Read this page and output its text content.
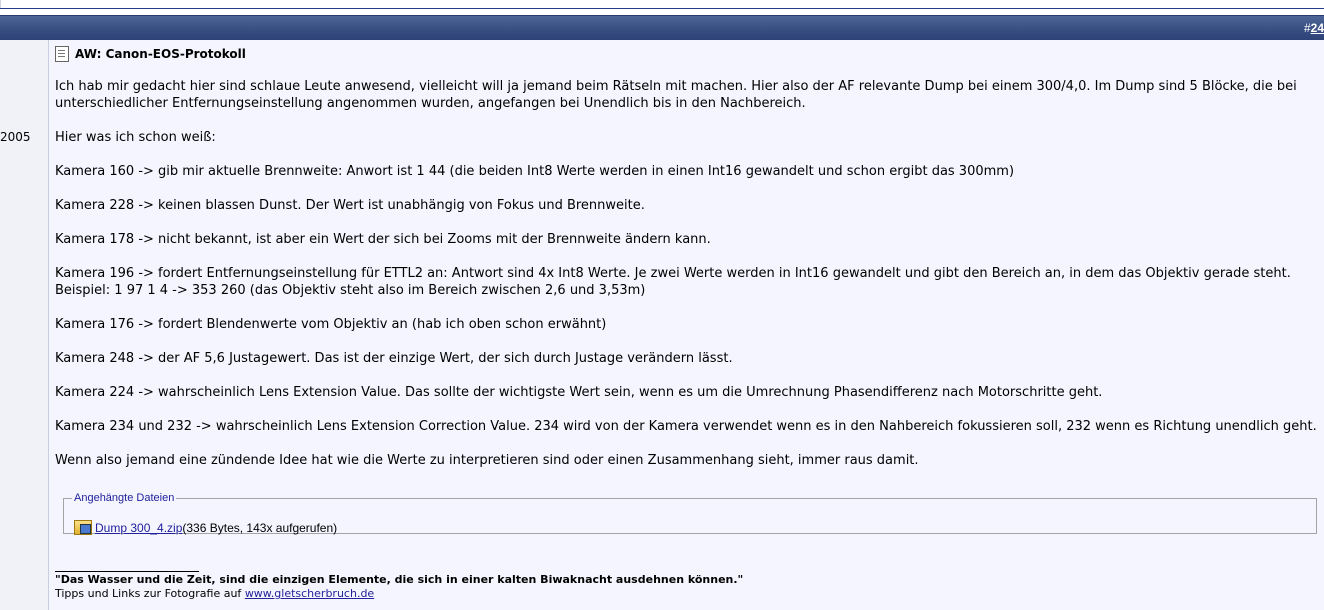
#24
2005
AW: Canon-EOS-Protokoll

Ich hab mir gedacht hier sind schlaue Leute anwesend, vielleicht will ja jemand beim Rätseln mit machen. Hier also der AF relevante Dump bei einem 300/4,0. Im Dump sind 5 Blöcke, die bei unterschiedlicher Entfernungseinstellung angenommen wurden, angefangen bei Unendlich bis in den Nachbereich.

Hier was ich schon weiß:

Kamera 160 -> gib mir aktuelle Brennweite: Anwort ist 1 44 (die beiden Int8 Werte werden in einen Int16 gewandelt und schon ergibt das 300mm)

Kamera 228 -> keinen blassen Dunst. Der Wert ist unabhängig von Fokus und Brennweite.

Kamera 178 -> nicht bekannt, ist aber ein Wert der sich bei Zooms mit der Brennweite ändern kann.

Kamera 196 -> fordert Entfernungseinstellung für ETTL2 an: Antwort sind 4x Int8 Werte. Je zwei Werte werden in Int16 gewandelt und gibt den Bereich an, in dem das Objektiv gerade steht.

Beispiel: 1 97 1 4 -> 353 260 (das Objektiv steht also im Bereich zwischen 2,6 und 3,53m)

Kamera 176 -> fordert Blendenwerte vom Objektiv an (hab ich oben schon erwähnt)

Kamera 248 -> der AF 5,6 Justagewert. Das ist der einzige Wert, der sich durch Justage verändern lässt.

Kamera 224 -> wahrscheinlich Lens Extension Value. Das sollte der wichtigste Wert sein, wenn es um die Umrechnung Phasendifferenz nach Motorschritte geht.

Kamera 234 und 232 -> wahrscheinlich Lens Extension Correction Value. 234 wird von der Kamera verwendet wenn es in den Nahbereich fokussieren soll, 232 wenn es Richtung unendlich geht.

Wenn also jemand eine zündende Idee hat wie die Werte zu interpretieren sind oder einen Zusammenhang sieht, immer raus damit.

Angehängte Dateien
Dump 300_4.zip (336 Bytes, 143x aufgerufen)
"Das Wasser und die Zeit, sind die einzigen Elemente, die sich in einer kalten Biwaknacht ausdehnen können."
Tipps und Links zur Fotografie auf www.gletscherbruch.de
